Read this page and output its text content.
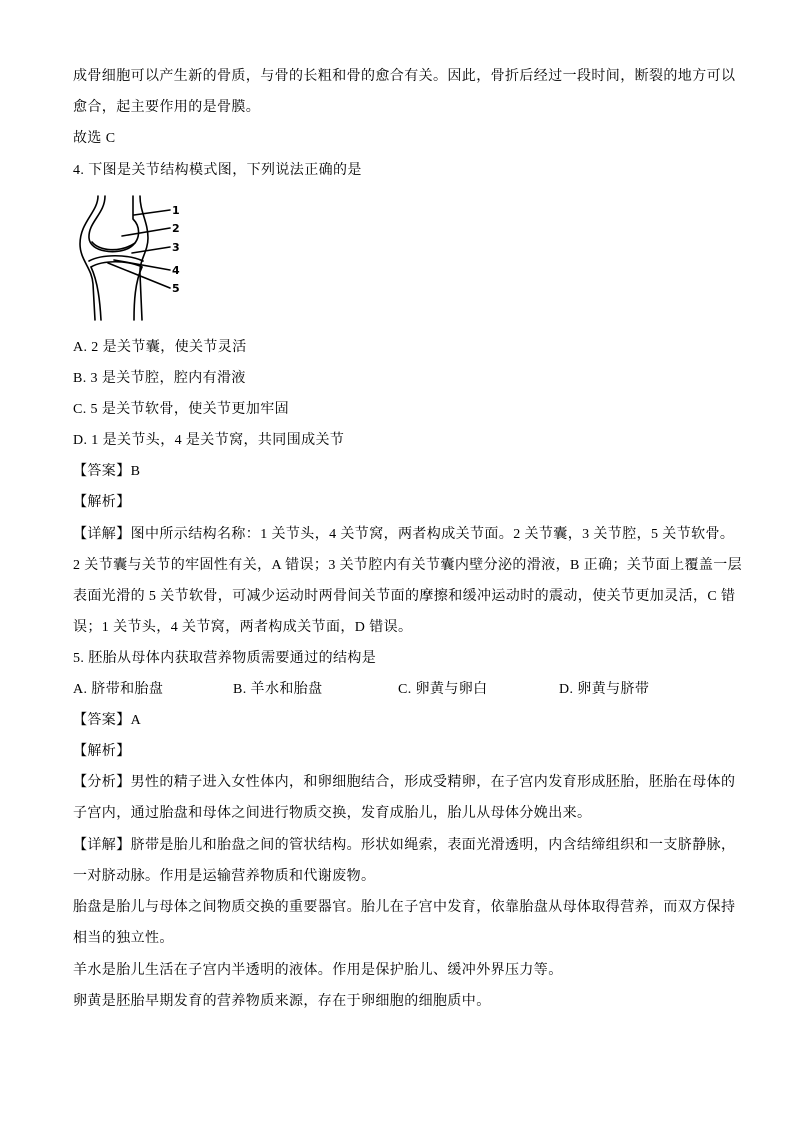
成骨细胞可以产生新的骨质，与骨的长粗和骨的愈合有关。因此，骨折后经过一段时间，断裂的地方可以
愈合，起主要作用的是骨膜。
故选 C
4. 下图是关节结构模式图，下列说法正确的是
1
2
3
4
5
A. 2 是关节囊，使关节灵活
B. 3 是关节腔，腔内有滑液
C. 5 是关节软骨，使关节更加牢固
D. 1 是关节头，4 是关节窝，共同围成关节
【答案】B
【解析】
【详解】图中所示结构名称：1 关节头，4 关节窝，两者构成关节面。2 关节囊，3 关节腔，5 关节软骨。
2 关节囊与关节的牢固性有关，A 错误；3 关节腔内有关节囊内壁分泌的滑液，B 正确；关节面上覆盖一层
表面光滑的 5 关节软骨，可减少运动时两骨间关节面的摩擦和缓冲运动时的震动，使关节更加灵活，C 错
误；1 关节头，4 关节窝，两者构成关节面，D 错误。
5. 胚胎从母体内获取营养物质需要通过的结构是
A. 脐带和胎盘	B. 羊水和胎盘	C. 卵黄与卵白	D. 卵黄与脐带
【答案】A
【解析】
【分析】男性的精子进入女性体内，和卵细胞结合，形成受精卵，在子宫内发育形成胚胎，胚胎在母体的
子宫内，通过胎盘和母体之间进行物质交换，发育成胎儿，胎儿从母体分娩出来。
【详解】脐带是胎儿和胎盘之间的管状结构。形状如绳索，表面光滑透明，内含结缔组织和一支脐静脉，
一对脐动脉。作用是运输营养物质和代谢废物。
胎盘是胎儿与母体之间物质交换的重要器官。胎儿在子宫中发育，依靠胎盘从母体取得营养，而双方保持
相当的独立性。
羊水是胎儿生活在子宫内半透明的液体。作用是保护胎儿、缓冲外界压力等。
卵黄是胚胎早期发育的营养物质来源，存在于卵细胞的细胞质中。
